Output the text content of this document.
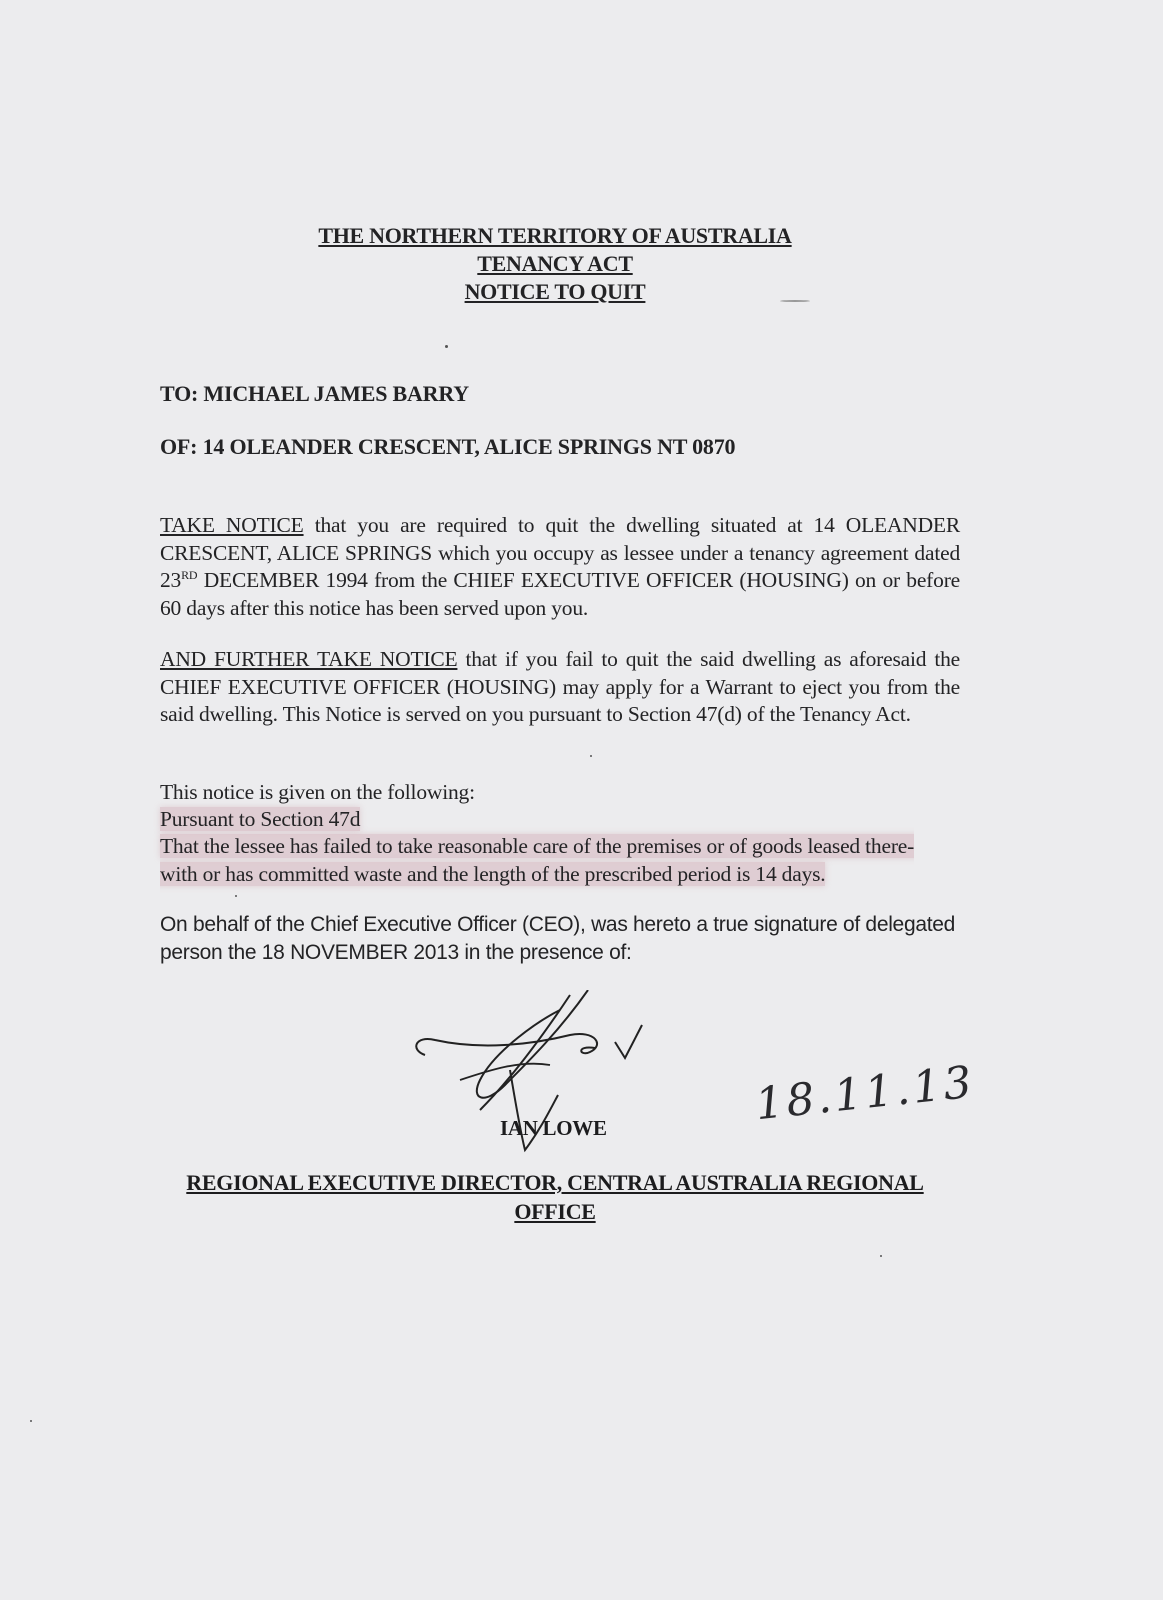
THE NORTHERN TERRITORY OF AUSTRALIA
TENANCY ACT
NOTICE TO QUIT
TO: MICHAEL JAMES BARRY
OF: 14 OLEANDER CRESCENT, ALICE SPRINGS NT 0870
TAKE NOTICE that you are required to quit the dwelling situated at 14 OLEANDER CRESCENT, ALICE SPRINGS which you occupy as lessee under a tenancy agreement dated 23RD DECEMBER 1994 from the CHIEF EXECUTIVE OFFICER (HOUSING) on or before 60 days after this notice has been served upon you.
AND FURTHER TAKE NOTICE that if you fail to quit the said dwelling as aforesaid the CHIEF EXECUTIVE OFFICER (HOUSING) may apply for a Warrant to eject you from the said dwelling. This Notice is served on you pursuant to Section 47(d) of the Tenancy Act.
This notice is given on the following:
Pursuant to Section 47d
That the lessee has failed to take reasonable care of the premises or of goods leased there-with or has committed waste and the length of the prescribed period is 14 days.
On behalf of the Chief Executive Officer (CEO), was hereto a true signature of delegated person the 18 NOVEMBER 2013 in the presence of:
IAN LOWE	18.11.13
REGIONAL EXECUTIVE DIRECTOR, CENTRAL AUSTRALIA REGIONAL
OFFICE
